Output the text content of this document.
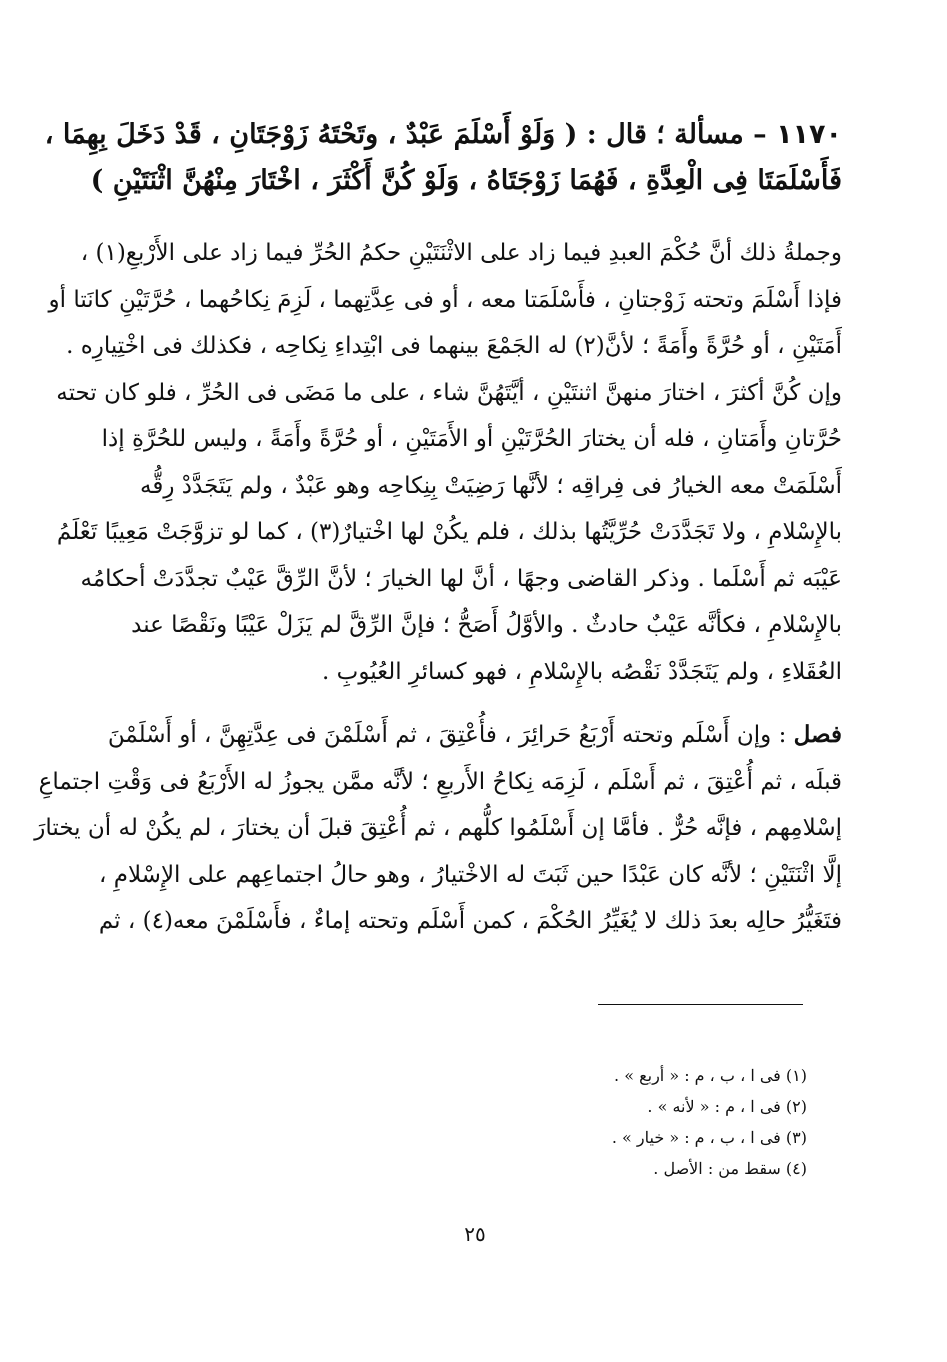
١١٧٠ – مسألة ؛ قال : ( وَلَوْ أَسْلَمَ عَبْدٌ ، وتَحْتَهُ زَوْجَتَانِ ، قَدْ دَخَلَ بِهِمَا ،
فَأَسْلَمَتَا فِى الْعِدَّةِ ، فَهُمَا زَوْجَتَاهُ ، وَلَوْ كُنَّ أَكْثَرَ ، اخْتَارَ مِنْهُنَّ اثْنَتَيْنِ )
وجملةُ ذلك أنَّ حُكْمَ العبدِ فيما زاد على الاثْنَتَيْنِ حكمُ الحُرِّ فيما زاد على الأَرْبعِ(١) ،
فإذا أَسْلَمَ وتحته زَوْجتانِ ، فأَسْلَمَتا معه ، أو فى عِدَّتِهما ، لَزِمَ نِكاحُهما ، حُرَّتَيْنِ كانَتا أو
أَمَتَيْنِ ، أو حُرَّةً وأَمَةً ؛ لأنَّ(٢) له الجَمْعَ بينهما فى ابْتِداءِ نِكاحِه ، فكذلك فى اخْتِيارِه .
وإن كُنَّ أكثرَ ، اختارَ منهنَّ اثنتَيْنِ ، أيَّتَهُنَّ شاء ، على ما مَضَى فى الحُرِّ ، فلو كان تحته
حُرَّتانِ وأَمَتانِ ، فله أن يختارَ الحُرَّتَيْنِ أو الأَمَتَيْنِ ، أو حُرَّةً وأَمَةً ، وليس للحُرَّةِ إذا
أَسْلَمَتْ معه الخيارُ فى فِراقِه ؛ لأنَّها رَضِيَتْ بِنِكاحِه وهو عَبْدٌ ، ولم يَتَجَدَّدْ رِقُّه
بالإِسْلامِ ، ولا تَجَدَّدَتْ حُرِّيَّتُها بذلك ، فلم يكُنْ لها اخْتيارٌ(٣) ، كما لو تزوَّجَتْ مَعِيبًا تَعْلَمُ
عَيْبَه ثم أَسْلَما . وذكر القاضى وجهًا ، أنَّ لها الخيارَ ؛ لأنَّ الرِّقَّ عَيْبٌ تجدَّدَتْ أحكامُه
بالإِسْلامِ ، فكأنَّه عَيْبٌ حادثٌ . والأوَّلُ أَصَحُّ ؛ فإنَّ الرِّقَّ لم يَزَلْ عَيْبًا ونَقْصًا عند
العُقَلاءِ ، ولم يَتَجَدَّدْ نَقْصُه بالإِسْلامِ ، فهو كسائرِ العُيُوبِ .
فصل : وإن أَسْلَم وتحته أَرْبَعُ حَرائِرَ ، فأُعْتِقَ ، ثم أَسْلَمْنَ فى عِدَّتِهِنَّ ، أو أَسْلَمْنَ
قبلَه ، ثم أُعْتِقَ ، ثم أَسْلَم ، لَزِمَه نِكاحُ الأَربعِ ؛ لأنَّه ممَّن يجوزُ له الأَرْبَعُ فى وَقْتِ اجتماعِ
إسْلامِهم ، فإنَّه حُرٌّ . فأمَّا إن أَسْلَمُوا كلُّهم ، ثم أُعْتِقَ قبلَ أن يختارَ ، لم يكُنْ له أن يختارَ
إلَّا اثْنَتَيْنِ ؛ لأنَّه كان عَبْدًا حين ثَبَتَ له الاخْتيارُ ، وهو حالُ اجتماعِهم على الإِسْلامِ ،
فتَغَيُّرُ حالِه بعدَ ذلك لا يُغَيِّرُ الحُكْمَ ، كمن أَسْلَم وتحته إماءٌ ، فأَسْلَمْنَ معه(٤) ، ثم
(١) فى ا ، ب ، م : « أربع » .
(٢) فى ا ، م : « لأنه » .
(٣) فى ا ، ب ، م : « خيار » .
(٤) سقط من : الأصل .
٢٥
